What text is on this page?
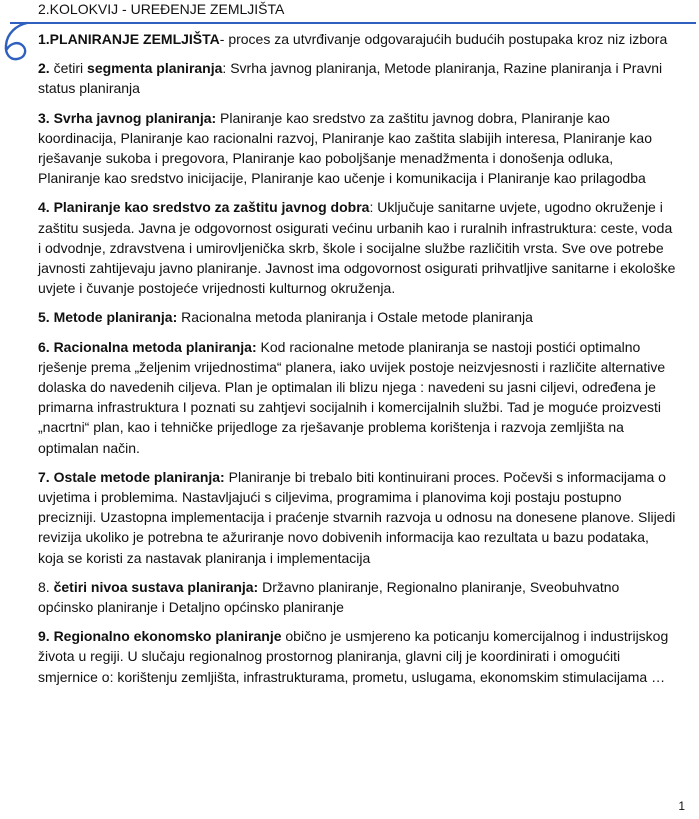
2.KOLOKVIJ - UREĐENJE ZEMLJIŠTA

1.PLANIRANJE ZEMLJIŠTA- proces za utvrđivanje odgovarajućih budućih postupaka kroz niz izbora

2. četiri segmenta planiranja: Svrha javnog planiranja, Metode planiranja, Razine planiranja i Pravni status planiranja

3. Svrha javnog planiranja: Planiranje kao sredstvo za zaštitu javnog dobra, Planiranje kao koordinacija, Planiranje kao racionalni razvoj, Planiranje kao zaštita slabijih interesa, Planiranje kao rješavanje sukoba i pregovora, Planiranje kao poboljšanje menadžmenta i donošenja odluka, Planiranje kao sredstvo inicijacije, Planiranje kao učenje i komunikacija i Planiranje kao prilagodba

4. Planiranje kao sredstvo za zaštitu javnog dobra: Uključuje sanitarne uvjete, ugodno okruženje i zaštitu susjeda. Javna je odgovornost osigurati većinu urbanih kao i ruralnih infrastruktura: ceste, voda i odvodnje, zdravstvena i umirovljenička skrb, škole i socijalne službe različitih vrsta. Sve ove potrebe javnosti zahtijevaju javno planiranje. Javnost ima odgovornost osigurati prihvatljive sanitarne i ekološke uvjete i čuvanje postojeće vrijednosti kulturnog okruženja.

5. Metode planiranja: Racionalna metoda planiranja i Ostale metode planiranja

6. Racionalna metoda planiranja: Kod racionalne metode planiranja se nastoji postići optimalno rješenje prema „željenim vrijednostima“ planera, iako uvijek postoje neizvjesnosti i različite alternative dolaska do navedenih cilјeva. Plan je optimalan ili blizu njega : navedeni su jasni ciljevi, određena je primarna infrastruktura I poznati su zahtjevi socijalnih i komercijalnih službi. Tad je moguće proizvesti „nacrtni“ plan, kao i tehničke prijedloge za rješavanje problema korištenja i razvoja zemljišta na optimalan način.

7. Ostale metode planiranja: Planiranje bi trebalo biti kontinuirani proces. Počevši s informacijama o uvjetima i problemima. Nastavljajući s ciljevima, programima i planovima koji postaju postupno precizniji. Uzastopna implementacija i praćenje stvarnih razvoja u odnosu na donesene planove. Slijedi revizija ukoliko je potrebna te ažuriranje novo dobivenih informacija kao rezultata u bazu podataka, koja se koristi za nastavak planiranja i implementacija

8. četiri nivoa sustava planiranja: Državno planiranje, Regionalno planiranje, Sveobuhvatno općinsko planiranje i Detaljno općinsko planiranje

9. Regionalno ekonomsko planiranje obično je usmjereno ka poticanju komercijalnog i industrijskog života u regiji. U slučaju regionalnog prostornog planiranja, glavni cilj je koordinirati i omogućiti smjernice o: korištenju zemljišta, infrastrukturama, prometu, uslugama, ekonomskim stimulacijama …

1
